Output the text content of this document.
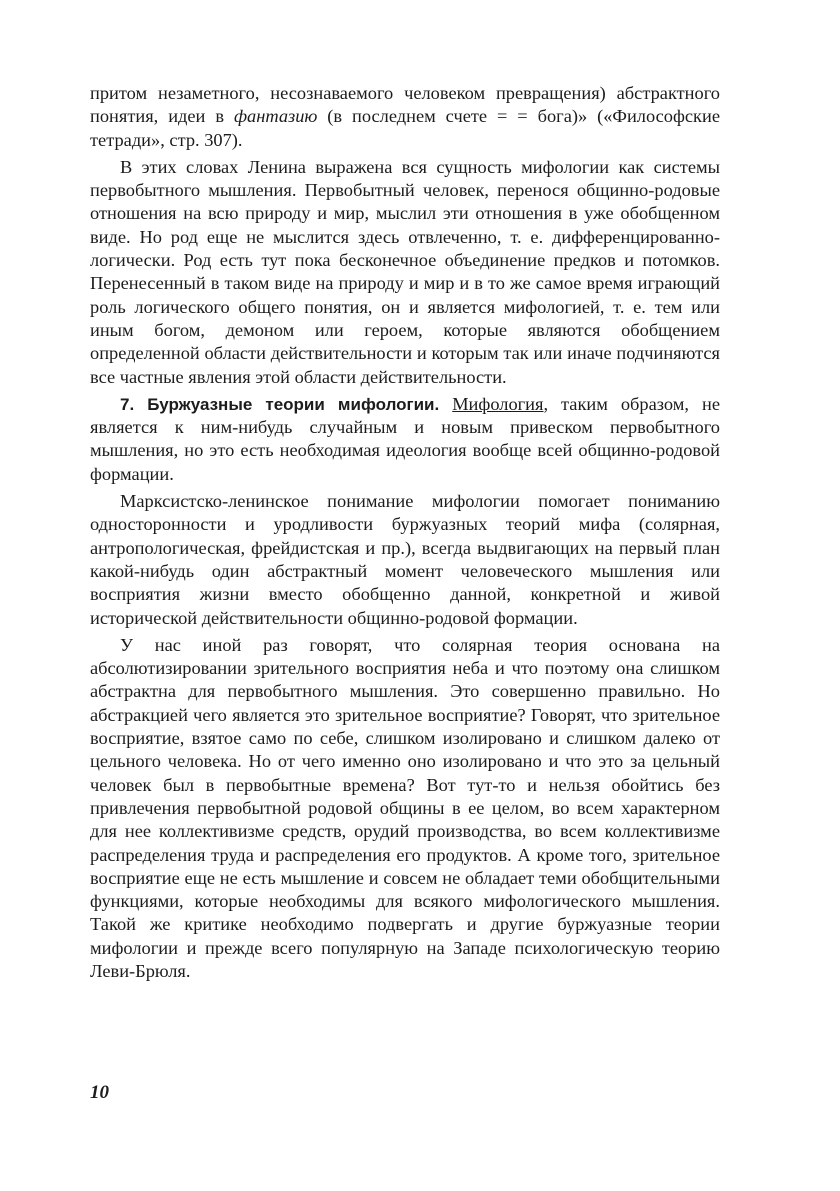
притом незаметного, несознаваемого человеком превращения) абстрактного понятия, идеи в фантазию (в последнем счете = = бога)» («Философские тетради», стр. 307).

В этих словах Ленина выражена вся сущность мифологии как системы первобытного мышления. Первобытный человек, перенося общинно-родовые отношения на всю природу и мир, мыслил эти отношения в уже обобщенном виде. Но род еще не мыслится здесь отвлеченно, т. е. дифференцированно-логически. Род есть тут пока бесконечное объединение предков и потомков. Перенесенный в таком виде на природу и мир и в то же самое время играющий роль логического общего понятия, он и является мифологией, т. е. тем или иным богом, демоном или героем, которые являются обобщением определенной области действительности и которым так или иначе подчиняются все частные явления этой области действительности.

7. Буржуазные теории мифологии. Мифология, таким образом, не является к ним-нибудь случайным и новым привеском первобытного мышления, но это есть необходимая идеология вообще всей общинно-родовой формации.

Марксистско-ленинское понимание мифологии помогает пониманию односторонности и уродливости буржуазных теорий мифа (солярная, антропологическая, фрейдистская и пр.), всегда выдвигающих на первый план какой-нибудь один абстрактный момент человеческого мышления или восприятия жизни вместо обобщенно данной, конкретной и живой исторической действительности общинно-родовой формации.

У нас иной раз говорят, что солярная теория основана на абсолютизировании зрительного восприятия неба и что поэтому она слишком абстрактна для первобытного мышления. Это совершенно правильно. Но абстракцией чего является это зрительное восприятие? Говорят, что зрительное восприятие, взятое само по себе, слишком изолировано и слишком далеко от цельного человека. Но от чего именно оно изолировано и что это за цельный человек был в первобытные времена? Вот тут-то и нельзя обойтись без привлечения первобытной родовой общины в ее целом, во всем характерном для нее коллективизме средств, орудий производства, во всем коллективизме распределения труда и распределения его продуктов. А кроме того, зрительное восприятие еще не есть мышление и совсем не обладает теми обобщительными функциями, которые необходимы для всякого мифологического мышления. Такой же критике необходимо подвергать и другие буржуазные теории мифологии и прежде всего популярную на Западе психологическую теорию Леви-Брюля.

10
